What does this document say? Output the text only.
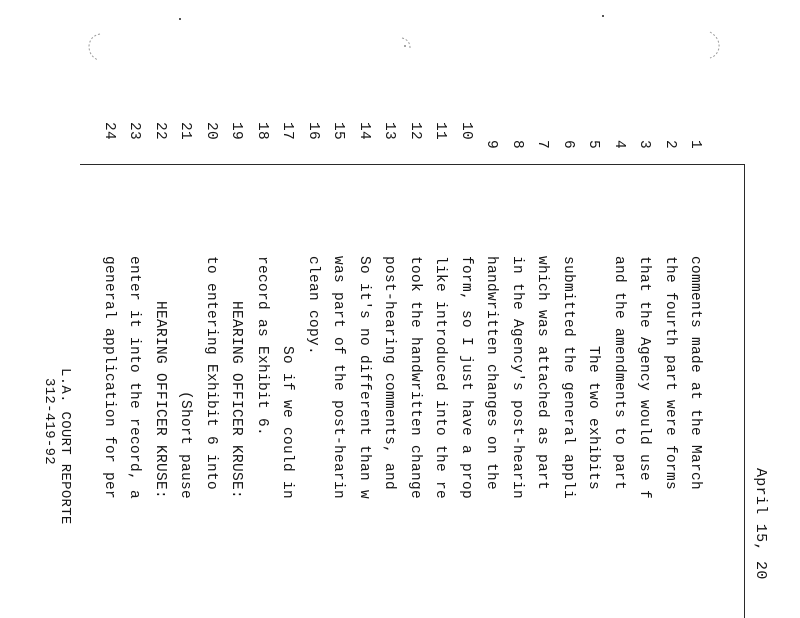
April 15, 20
1
2
3
4
5
6
7
8
9
10
11
12
13
14
15
16
17
18
19
20
21
22
23
24
comments made at the March
the fourth part were forms
that the Agency would use f
and the amendments to part
The two exhibits
submitted the general appli
which was attached as part
in the Agency's post-hearin
handwritten changes on the
form, so I just have a prop
like introduced into the re
took the handwritten change
post-hearing comments, and
So it's no different than w
was part of the post-hearin
clean copy.
So if we could in
record as Exhibit 6.
HEARING OFFICER KRUSE:
to entering Exhibit 6 into
(Short pause
HEARING OFFICER KRUSE:
enter it into the record, a
general application for per
L.A. COURT REPORTE
312-419-92
